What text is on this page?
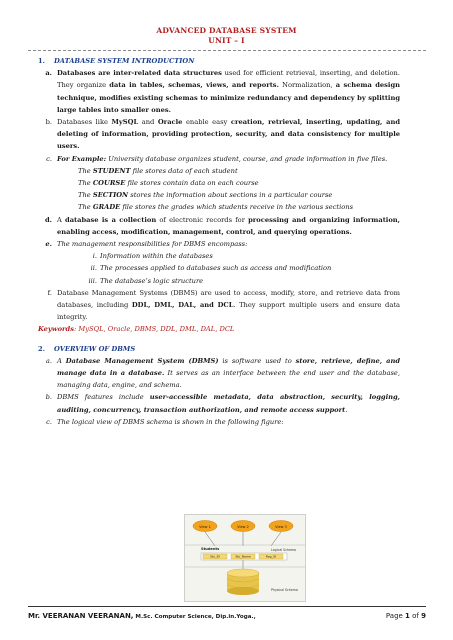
ADVANCED DATABASE SYSTEM
UNIT – I

1. DATABASE SYSTEM INTRODUCTION

a. Databases are inter-related data structures used for efficient retrieval, inserting, and deletion. They organize data in tables, schemas, views, and reports. Normalization, a schema design technique, modifies existing schemas to minimize redundancy and dependency by splitting large tables into smaller ones.
b. Databases like MySQL and Oracle enable easy creation, retrieval, inserting, updating, and deleting of information, providing protection, security, and data consistency for multiple users.
c. For Example: University database organizes student, course, and grade information in five files.

The STUDENT file stores data of each student

The COURSE file stores contain data on each course

The SECTION stores the information about sections in a particular course

The GRADE file stores the grades which students receive in the various sections

d. A database is a collection of electronic records for processing and organizing information, enabling access, modification, management, control, and querying operations.
e. The management responsibilities for DBMS encompass:

i. Information within the databases

ii. The processes applied to databases such as access and modification

iii. The database’s logic structure

f. Database Management Systems (DBMS) are used to access, modify, store, and retrieve data from databases, including DDL, DML, DAL, and DCL. They support multiple users and ensure data integrity.

Keywords: MySQL, Oracle, DBMS, DDL, DML, DAL, DCL

2. OVERVIEW OF DBMS

a. A Database Management System (DBMS) is software used to store, retrieve, define, and manage data in a database. It serves as an interface between the end user and the database, managing data, engine, and schema.
b. DBMS features include user-accessible metadata, data abstraction, security, logging, auditing, concurrency, transaction authorization, and remote access support.
c. The logical view of DBMS schema is shown in the following figure:
View 1	View 2	View 3
Students	Logical Schema
Stu_ID	Stu_Name	Reg_ID
Physical Schema
Mr. VEERANAN VEERANAN, M.Sc. Computer Science, Dip.in.Yoga.,	Page 1 of 9
